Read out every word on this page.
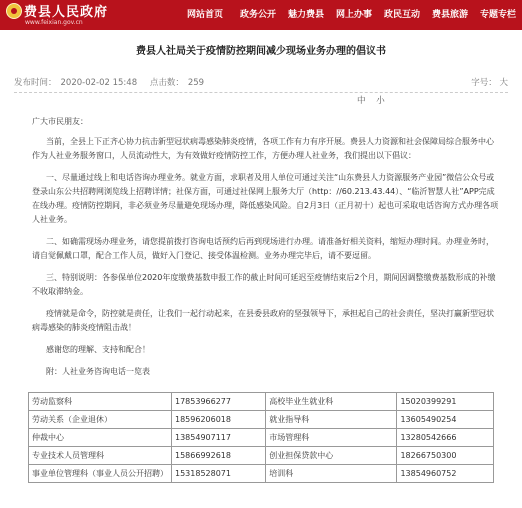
费县人民政府
www.feixian.gov.cn
网站首页	政务公开	魅力费县	网上办事	政民互动	费县旅游	专题专栏
费县人社局关于疫情防控期间减少现场业务办理的倡议书
发布时间： 2020-02-02 15:48 点击数： 259	字号： 大
中 小

广大市民朋友：

当前，全县上下正齐心协力抗击新型冠状病毒感染肺炎疫情，各项工作有力有序开展。费县人力资源和社会保障局综合服务中心作为人社业务服务窗口，人员流动性大，为有效做好疫情防控工作，方便办理人社业务，我们提出以下倡议：

一、尽量通过线上和电话咨询办理业务。就业方面，求职者及用人单位可通过关注“山东费县人力资源服务产业园”微信公众号或登录山东公共招聘网浏览线上招聘详情；社保方面，可通过社保网上服务大厅（http：//60.213.43.44）、“临沂智慧人社”APP完成在线办理。疫情防控期间，非必须业务尽量避免现场办理，降低感染风险。自2月3日（正月初十）起也可采取电话咨询方式办理各项人社业务。

二、如确需现场办理业务，请您提前拨打咨询电话预约后再到现场进行办理。请准备好相关资料，缩短办理时间。办理业务时，请自觉佩戴口罩，配合工作人员，做好入门登记、接受体温检测。业务办理完毕后，请不要逗留。

三、特别说明：各参保单位2020年度缴费基数申报工作的截止时间可延迟至疫情结束后2个月，期间因调整缴费基数形成的补缴不收取滞纳金。

疫情就是命令，防控就是责任，让我们一起行动起来，在县委县政府的坚强领导下，承担起自己的社会责任，坚决打赢新型冠状病毒感染的肺炎疫情阻击战！

感谢您的理解、支持和配合！

附：人社业务咨询电话一览表

劳动监察科	17853966277	高校毕业生就业科	15020399291
劳动关系（企业退休）	18596206018	就业指导科	13605490254
仲裁中心	13854907117	市场管理科	13280542666
专业技术人员管理科	15866992618	创业担保贷款中心	18266750300
事业单位管理科（事业人员公开招聘）	15318528071	培训科	13854960752
